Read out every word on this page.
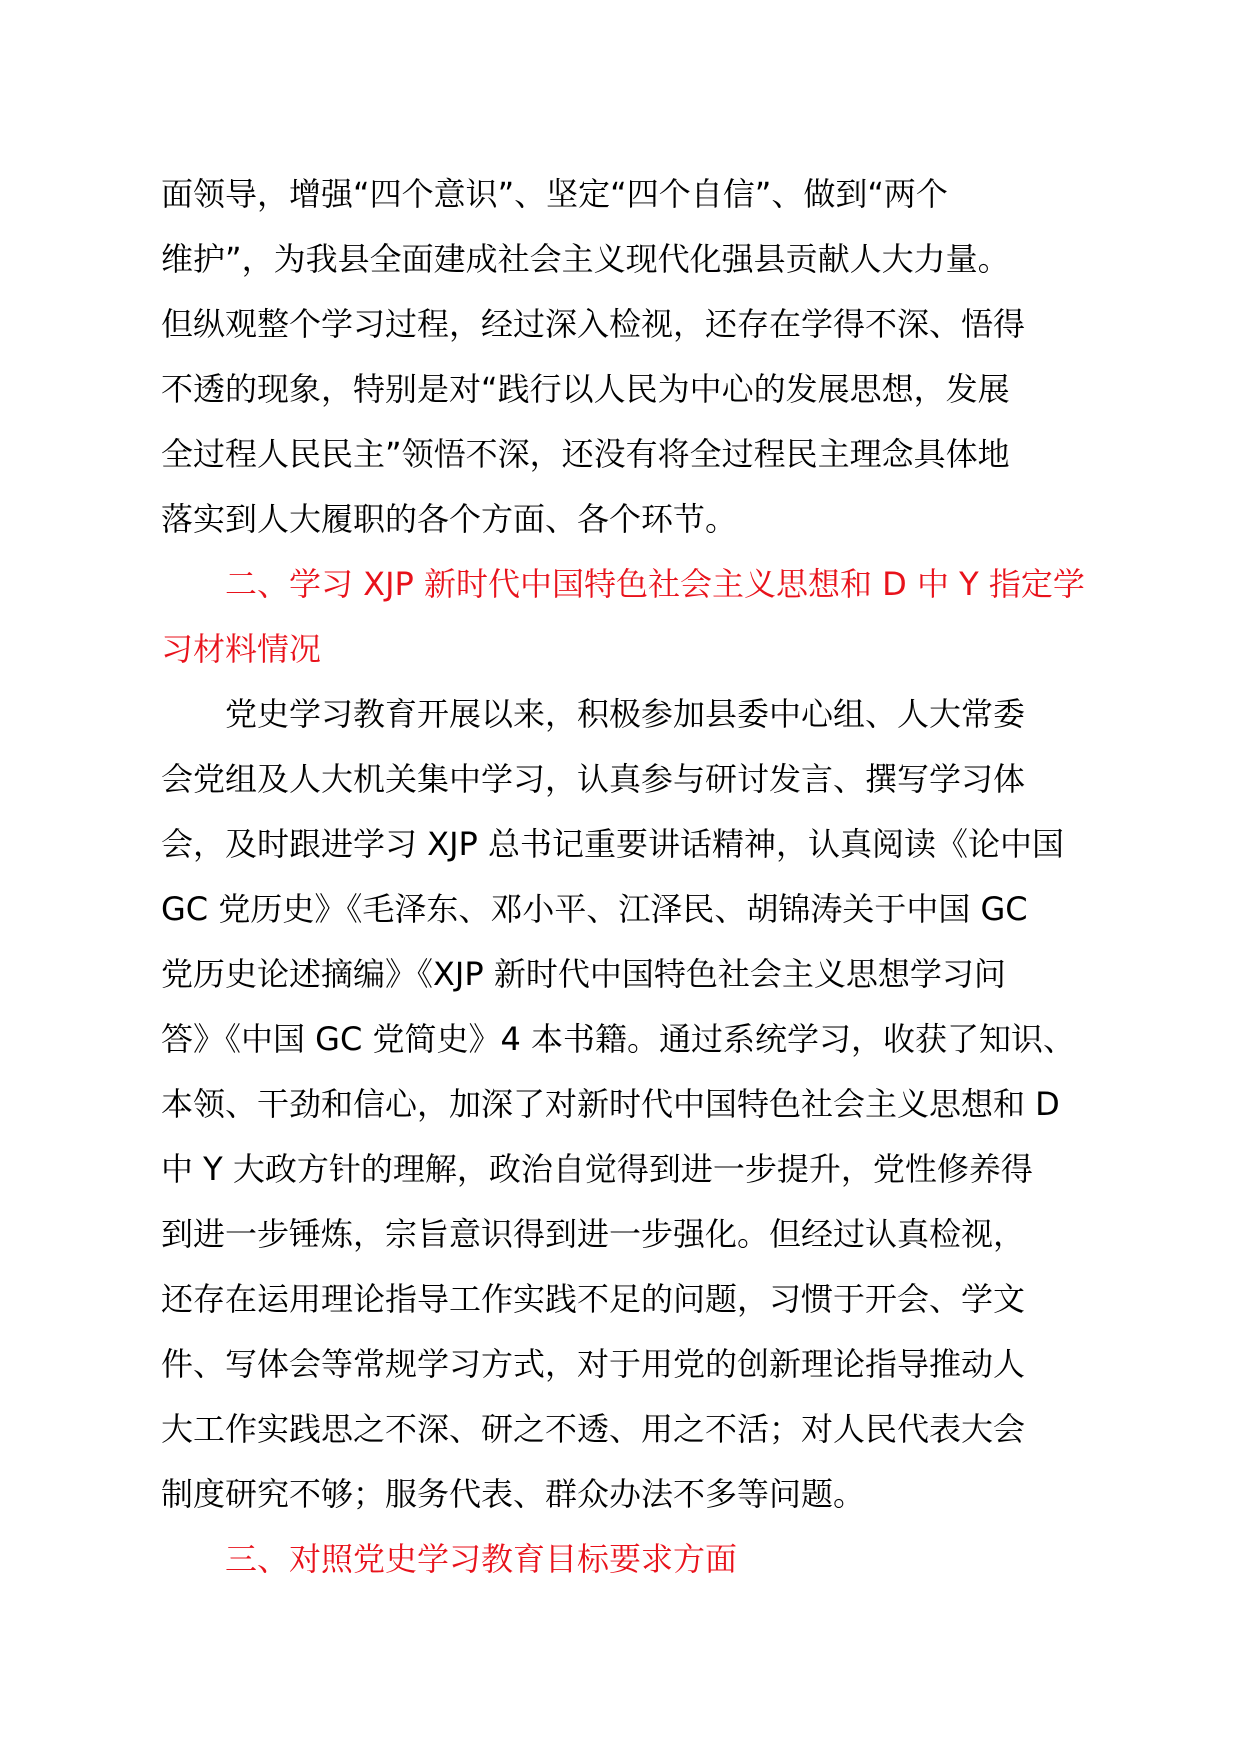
面领导，增强“四个意识”、坚定“四个自信”、做到“两个
维护”，为我县全面建成社会主义现代化强县贡献人大力量。
但纵观整个学习过程，经过深入检视，还存在学得不深、悟得
不透的现象，特别是对“践行以人民为中心的发展思想，发展
全过程人民民主”领悟不深，还没有将全过程民主理念具体地
落实到人大履职的各个方面、各个环节。
二、学习 XJP 新时代中国特色社会主义思想和 D 中 Y 指定学
习材料情况
党史学习教育开展以来，积极参加县委中心组、人大常委
会党组及人大机关集中学习，认真参与研讨发言、撰写学习体
会，及时跟进学习 XJP 总书记重要讲话精神，认真阅读《论中国
GC 党历史》《毛泽东、邓小平、江泽民、胡锦涛关于中国 GC
党历史论述摘编》《XJP 新时代中国特色社会主义思想学习问
答》《中国 GC 党简史》4 本书籍。通过系统学习，收获了知识、
本领、干劲和信心，加深了对新时代中国特色社会主义思想和 D
中 Y 大政方针的理解，政治自觉得到进一步提升，党性修养得
到进一步锤炼，宗旨意识得到进一步强化。但经过认真检视，
还存在运用理论指导工作实践不足的问题，习惯于开会、学文
件、写体会等常规学习方式，对于用党的创新理论指导推动人
大工作实践思之不深、研之不透、用之不活；对人民代表大会
制度研究不够；服务代表、群众办法不多等问题。
三、对照党史学习教育目标要求方面
